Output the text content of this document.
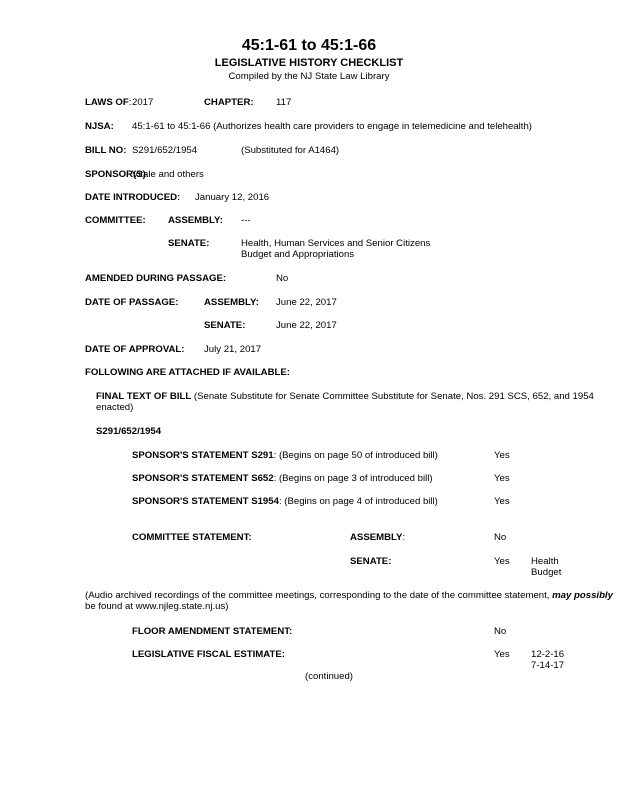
45:1-61 to 45:1-66
LEGISLATIVE HISTORY CHECKLIST
Compiled by the NJ State Law Library
LAWS OF: 2017	CHAPTER: 117
NJSA: 45:1-61 to 45:1-66 (Authorizes health care providers to engage in telemedicine and telehealth)
BILL NO: S291/652/1954	(Substituted for A1464)
SPONSOR(S)
Vitale and others
DATE INTRODUCED: January 12, 2016
COMMITTEE: ASSEMBLY: ---
SENATE:	Health, Human Services and Senior Citizens
Budget and Appropriations
AMENDED DURING PASSAGE:	No
DATE OF PASSAGE:	ASSEMBLY: June 22, 2017
SENATE:	June 22, 2017
DATE OF APPROVAL: July 21, 2017
FOLLOWING ARE ATTACHED IF AVAILABLE:
FINAL TEXT OF BILL (Senate Substitute for Senate Committee Substitute for Senate, Nos. 291 SCS, 652, and 1954
enacted)
S291/652/1954
SPONSOR'S STATEMENT S291: (Begins on page 50 of introduced bill)	Yes
SPONSOR'S STATEMENT S652: (Begins on page 3 of introduced bill)	Yes
SPONSOR'S STATEMENT S1954: (Begins on page 4 of introduced bill)	Yes
COMMITTEE STATEMENT:	ASSEMBLY:	No
SENATE:	Yes Health
Budget
(Audio archived recordings of the committee meetings, corresponding to the date of the committee statement, may possibly
be found at www.njleg.state.nj.us)
FLOOR AMENDMENT STATEMENT:	No
LEGISLATIVE FISCAL ESTIMATE:	Yes 12-2-16
7-14-17
(continued)
